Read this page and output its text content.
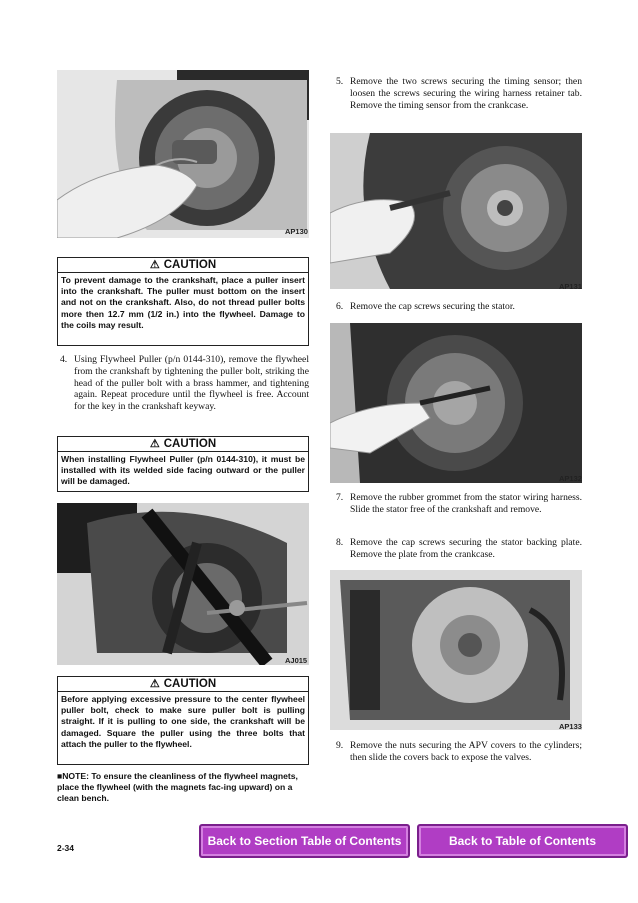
AP130
⚠ CAUTION
To prevent damage to the crankshaft, place a puller insert into the crankshaft. The puller must bottom on the insert and not on the crankshaft. Also, do not thread puller bolts more then 12.7 mm (1/2 in.) into the flywheel. Damage to the coils may result.
4. Using Flywheel Puller (p/n 0144-310), remove the flywheel from the crankshaft by tightening the puller bolt, striking the head of the puller bolt with a brass hammer, and tightening again. Repeat procedure until the flywheel is free. Account for the key in the crankshaft keyway.
⚠ CAUTION
When installing Flywheel Puller (p/n 0144-310), it must be installed with its welded side facing outward or the puller will be damaged.
AJ015
⚠ CAUTION
Before applying excessive pressure to the center flywheel puller bolt, check to make sure puller bolt is pulling straight. If it is pulling to one side, the crankshaft will be damaged. Square the puller using the three bolts that attach the puller to the flywheel.
■NOTE: To ensure the cleanliness of the flywheel magnets, place the flywheel (with the magnets fac-ing upward) on a clean bench.
5. Remove the two screws securing the timing sensor; then loosen the screws securing the wiring harness retainer tab. Remove the timing sensor from the crankcase.
AP131
6. Remove the cap screws securing the stator.
AP132
7. Remove the rubber grommet from the stator wiring harness. Slide the stator free of the crankshaft and remove.
8. Remove the cap screws securing the stator backing plate. Remove the plate from the crankcase.
AP133
9. Remove the nuts securing the APV covers to the cylinders; then slide the covers back to expose the valves.
2-34	Back to Section Table of Contents	Back to Table of Contents
